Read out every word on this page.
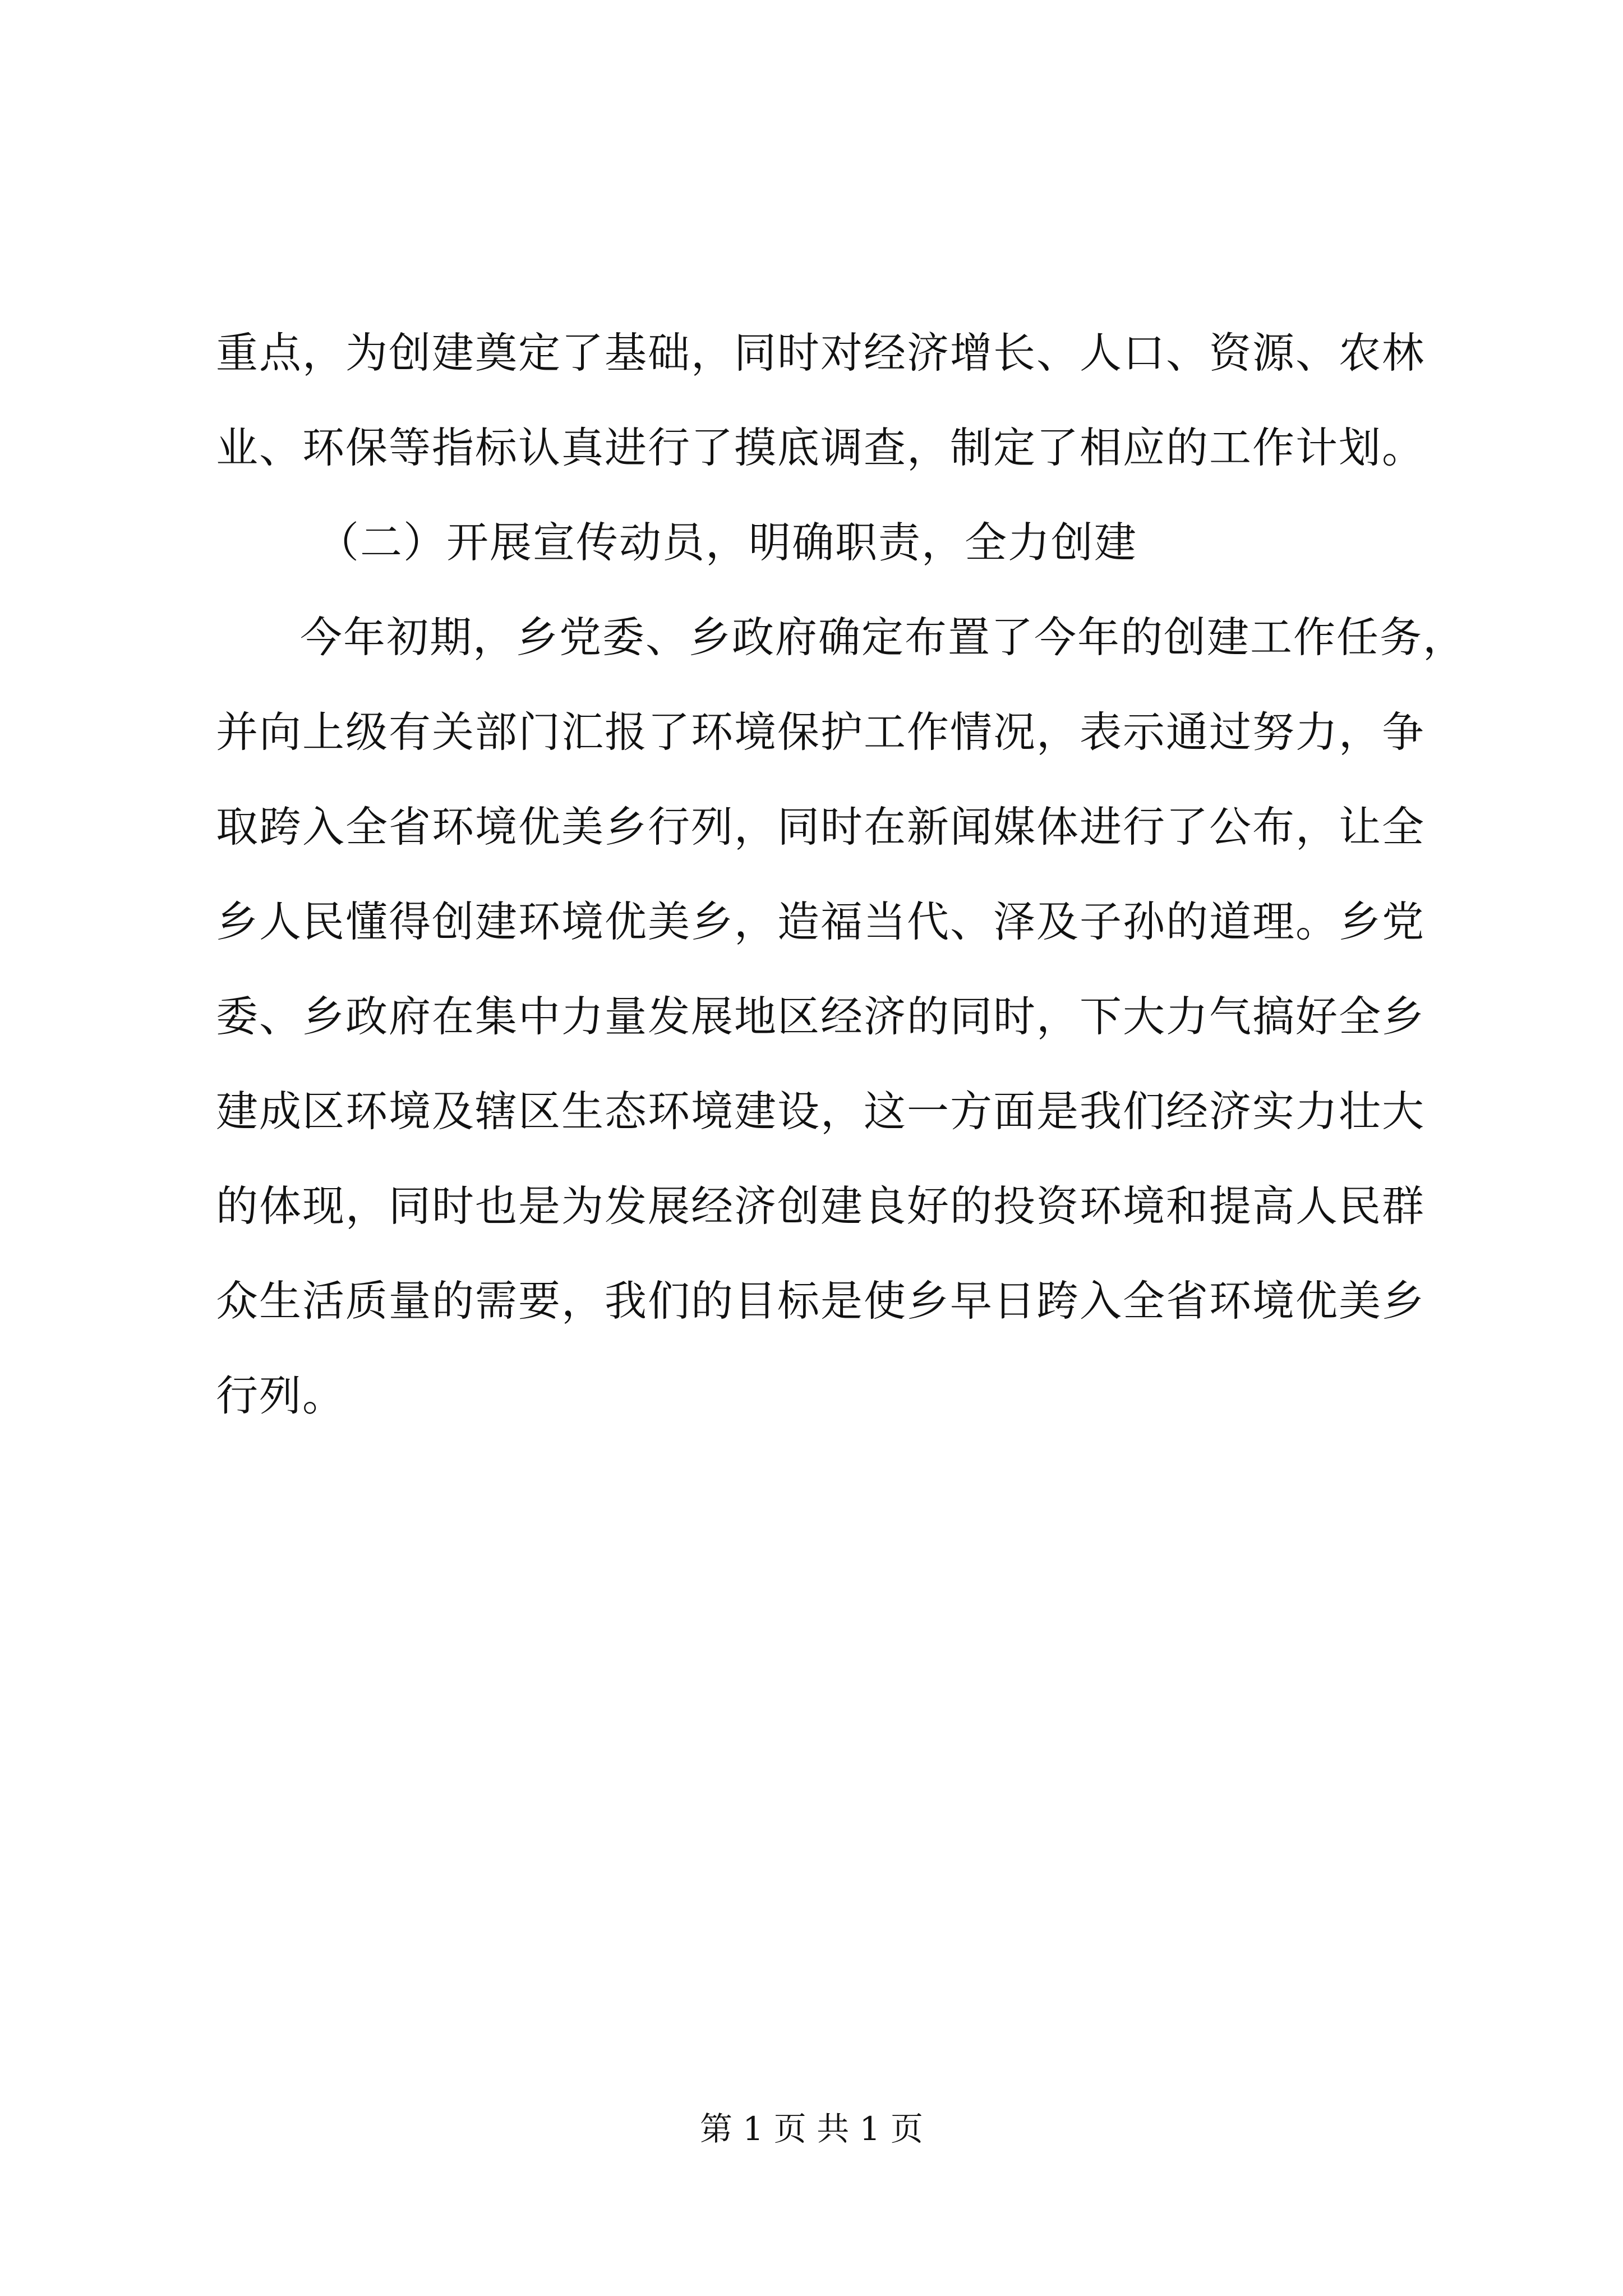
重点，为创建奠定了基础，同时对经济增长、人口、资源、农林
业、环保等指标认真进行了摸底调查，制定了相应的工作计划。
（二）开展宣传动员，明确职责，全力创建
今年初期，乡党委、乡政府确定布置了今年的创建工作任务，
并向上级有关部门汇报了环境保护工作情况，表示通过努力，争
取跨入全省环境优美乡行列，同时在新闻媒体进行了公布，让全
乡人民懂得创建环境优美乡，造福当代、泽及子孙的道理。乡党
委、乡政府在集中力量发展地区经济的同时，下大力气搞好全乡
建成区环境及辖区生态环境建设，这一方面是我们经济实力壮大
的体现，同时也是为发展经济创建良好的投资环境和提高人民群
众生活质量的需要，我们的目标是使乡早日跨入全省环境优美乡
行列。
第 1 页 共 1 页
